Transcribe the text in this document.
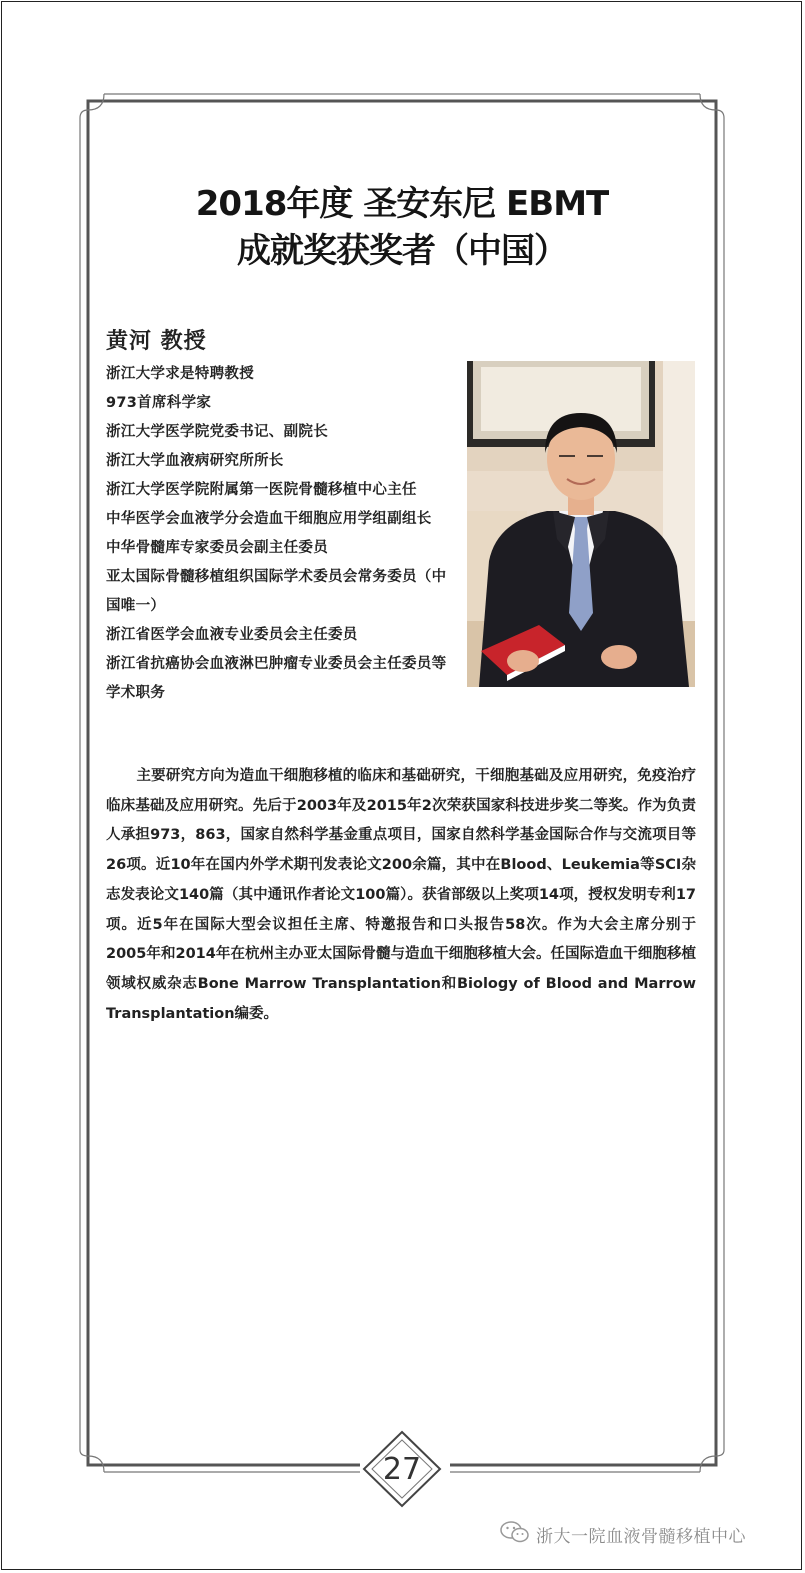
2018年度 圣安东尼 EBMT
成就奖获奖者（中国）
黄河 教授
浙江大学求是特聘教授
973首席科学家
浙江大学医学院党委书记、副院长
浙江大学血液病研究所所长
浙江大学医学院附属第一医院骨髓移植中心主任
中华医学会血液学分会造血干细胞应用学组副组长
中华骨髓库专家委员会副主任委员
亚太国际骨髓移植组织国际学术委员会常务委员（中国唯一）
浙江省医学会血液专业委员会主任委员
浙江省抗癌协会血液淋巴肿瘤专业委员会主任委员等学术职务

主要研究方向为造血干细胞移植的临床和基础研究，干细胞基础及应用研究，免疫治疗临床基础及应用研究。先后于2003年及2015年2次荣获国家科技进步奖二等奖。作为负责人承担973，863，国家自然科学基金重点项目，国家自然科学基金国际合作与交流项目等26项。近10年在国内外学术期刊发表论文200余篇，其中在Blood、Leukemia等SCI杂志发表论文140篇（其中通讯作者论文100篇）。获省部级以上奖项14项，授权发明专利17项。近5年在国际大型会议担任主席、特邀报告和口头报告58次。作为大会主席分别于2005年和2014年在杭州主办亚太国际骨髓与造血干细胞移植大会。任国际造血干细胞移植领域权威杂志Bone Marrow Transplantation和Biology of Blood and Marrow Transplantation编委。

27
浙大一院血液骨髓移植中心
